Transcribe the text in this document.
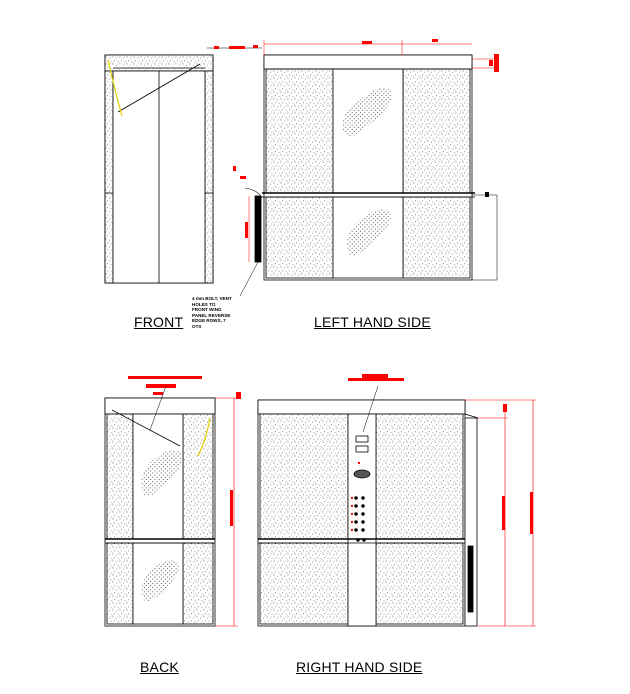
FRONT	LEFT HAND SIDE
BACK	RIGHT HAND SIDE
4 mm BOLT, VENT
HOLES TO
FRONT WING
PANEL REVERSE
EDGE ROWS, 7
OTS
